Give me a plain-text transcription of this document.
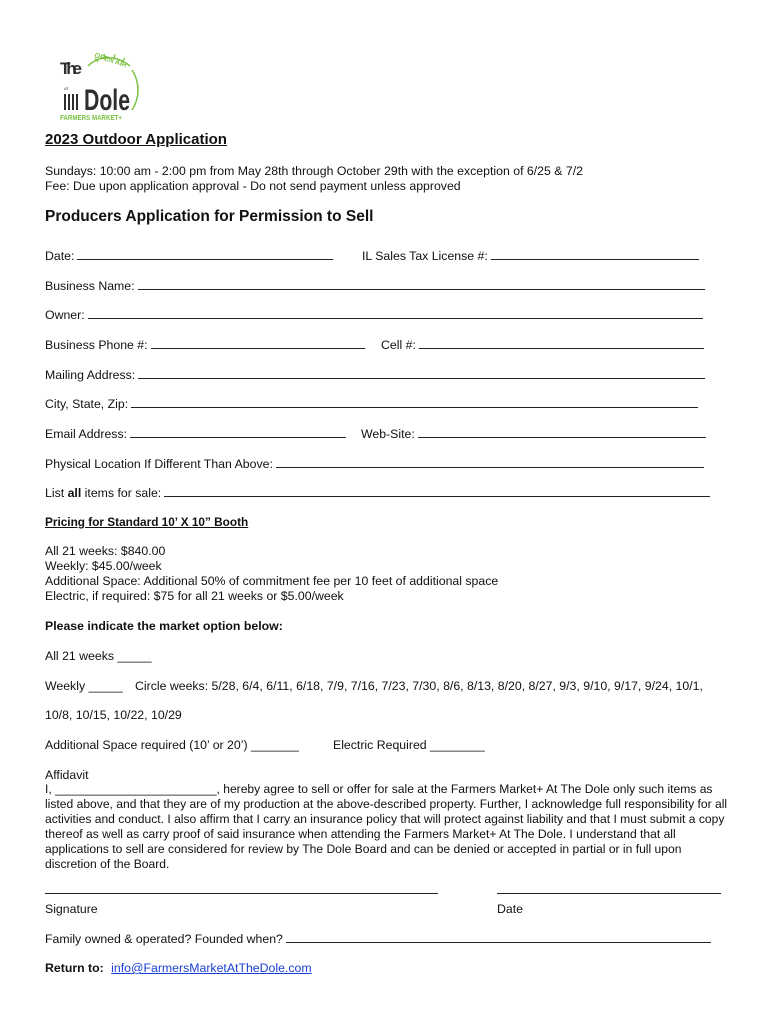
The OPEN AIR
AT Dole
FARMERS MARKET+
2023 Outdoor Application
Sundays: 10:00 am - 2:00 pm from May 28th through October 29th with the exception of 6/25 & 7/2
Fee: Due upon application approval - Do not send payment unless approved
Producers Application for Permission to Sell
Date:	IL Sales Tax License #:
Business Name:
Owner:
Business Phone #:	Cell #:
Mailing Address:
City, State, Zip:
Email Address:	Web-Site:
Physical Location If Different Than Above:
List all items for sale:
Pricing for Standard 10’ X 10” Booth
All 21 weeks: $840.00
Weekly: $45.00/week
Additional Space: Additional 50% of commitment fee per 10 feet of additional space
Electric, if required: $75 for all 21 weeks or $5.00/week
Please indicate the market option below:
All 21 weeks _____
Weekly _____ Circle weeks: 5/28, 6/4, 6/11, 6/18, 7/9, 7/16, 7/23, 7/30, 8/6, 8/13, 8/20, 8/27, 9/3, 9/10, 9/17, 9/24, 10/1,
10/8, 10/15, 10/22, 10/29
Additional Space required (10’ or 20’) _______	Electric Required ________
Affidavit
I, ________________________, hereby agree to sell or offer for sale at the Farmers Market+ At The Dole only such items as listed above, and that they are of my production at the above-described property. Further, I acknowledge full responsibility for all activities and conduct. I also affirm that I carry an insurance policy that will protect against liability and that I must submit a copy thereof as well as carry proof of said insurance when attending the Farmers Market+ At The Dole. I understand that all applications to sell are considered for review by The Dole Board and can be denied or accepted in partial or in full upon discretion of the Board.
Signature	Date
Family owned & operated? Founded when?
Return to: info@FarmersMarketAtTheDole.com
